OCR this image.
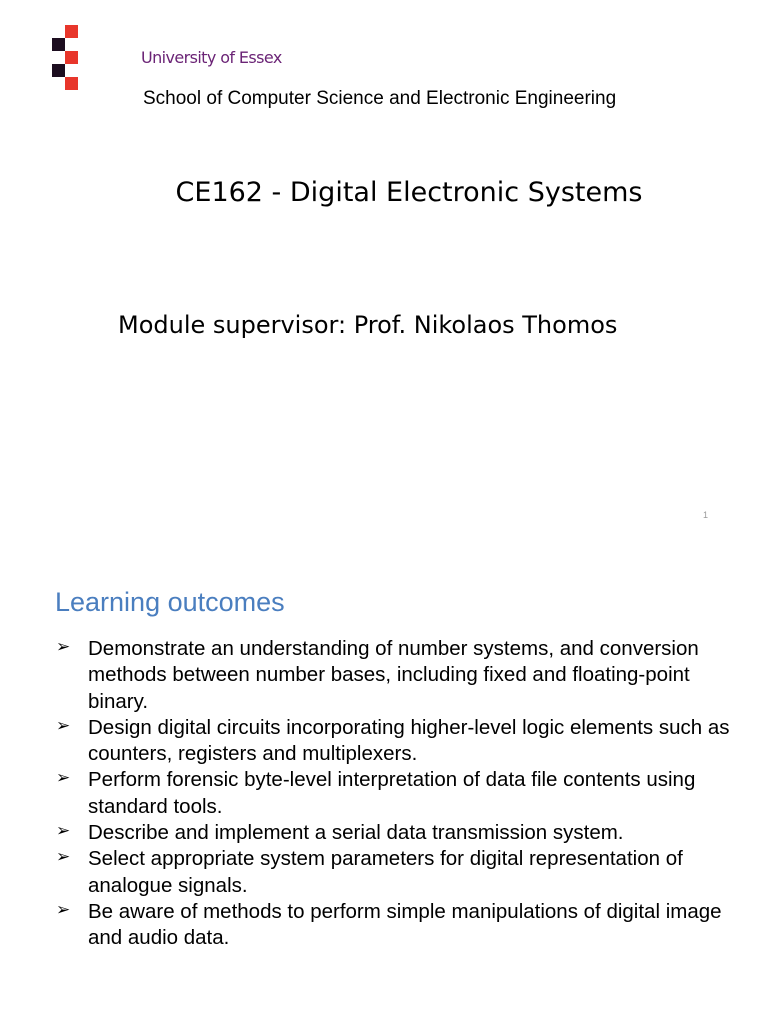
University of Essex
School of Computer Science and Electronic Engineering
CE162 - Digital Electronic Systems
Module supervisor: Prof. Nikolaos Thomos
1
Learning outcomes
➢ Demonstrate an understanding of number systems, and conversion methods between number bases, including fixed and floating-point binary.
➢ Design digital circuits incorporating higher-level logic elements such as counters, registers and multiplexers.
➢ Perform forensic byte-level interpretation of data file contents using standard tools.
➢ Describe and implement a serial data transmission system.
➢ Select appropriate system parameters for digital representation of analogue signals.
➢ Be aware of methods to perform simple manipulations of digital image and audio data.
